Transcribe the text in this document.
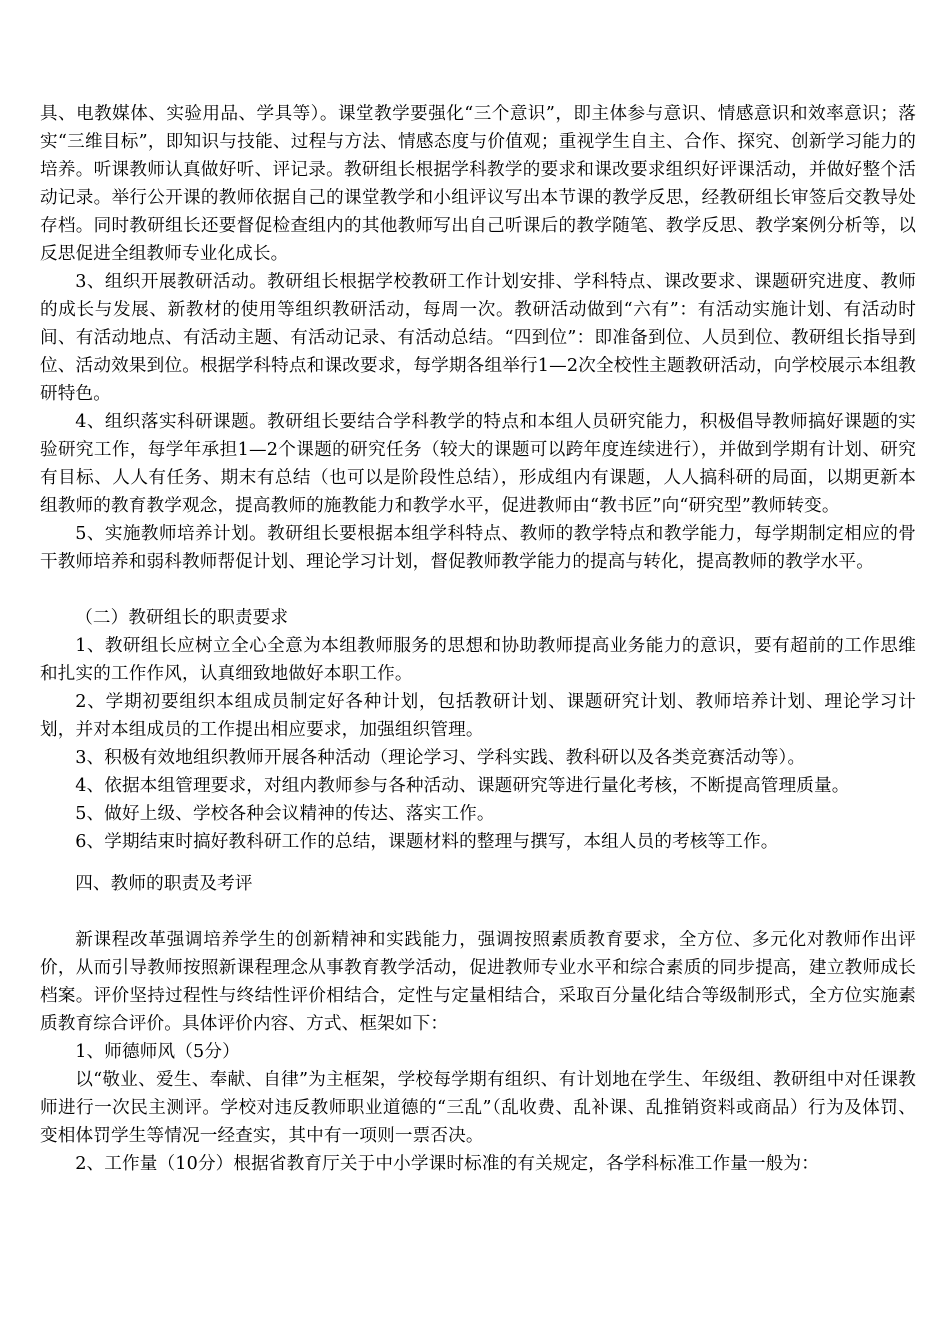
具、电教媒体、实验用品、学具等）。课堂教学要强化“三个意识”，即主体参与意识、情感意识和效率意识；落实“三维目标”，即知识与技能、过程与方法、情感态度与价值观；重视学生自主、合作、探究、创新学习能力的培养。听课教师认真做好听、评记录。教研组长根据学科教学的要求和课改要求组织好评课活动，并做好整个活动记录。举行公开课的教师依据自己的课堂教学和小组评议写出本节课的教学反思，经教研组长审签后交教导处存档。同时教研组长还要督促检查组内的其他教师写出自己听课后的教学随笔、教学反思、教学案例分析等，以反思促进全组教师专业化成长。

3、组织开展教研活动。教研组长根据学校教研工作计划安排、学科特点、课改要求、课题研究进度、教师的成长与发展、新教材的使用等组织教研活动，每周一次。教研活动做到“六有”：有活动实施计划、有活动时间、有活动地点、有活动主题、有活动记录、有活动总结。“四到位”：即准备到位、人员到位、教研组长指导到位、活动效果到位。根据学科特点和课改要求，每学期各组举行1—2次全校性主题教研活动，向学校展示本组教研特色。

4、组织落实科研课题。教研组长要结合学科教学的特点和本组人员研究能力，积极倡导教师搞好课题的实验研究工作，每学年承担1—2个课题的研究任务（较大的课题可以跨年度连续进行），并做到学期有计划、研究有目标、人人有任务、期末有总结（也可以是阶段性总结），形成组内有课题，人人搞科研的局面，以期更新本组教师的教育教学观念，提高教师的施教能力和教学水平，促进教师由“教书匠”向“研究型”教师转变。

5、实施教师培养计划。教研组长要根据本组学科特点、教师的教学特点和教学能力，每学期制定相应的骨干教师培养和弱科教师帮促计划、理论学习计划，督促教师教学能力的提高与转化，提高教师的教学水平。

（二）教研组长的职责要求

1、教研组长应树立全心全意为本组教师服务的思想和协助教师提高业务能力的意识，要有超前的工作思维和扎实的工作作风，认真细致地做好本职工作。

2、学期初要组织本组成员制定好各种计划，包括教研计划、课题研究计划、教师培养计划、理论学习计划，并对本组成员的工作提出相应要求，加强组织管理。

3、积极有效地组织教师开展各种活动（理论学习、学科实践、教科研以及各类竞赛活动等）。

4、依据本组管理要求，对组内教师参与各种活动、课题研究等进行量化考核，不断提高管理质量。

5、做好上级、学校各种会议精神的传达、落实工作。

6、学期结束时搞好教科研工作的总结，课题材料的整理与撰写，本组人员的考核等工作。

四、教师的职责及考评

新课程改革强调培养学生的创新精神和实践能力，强调按照素质教育要求，全方位、多元化对教师作出评价，从而引导教师按照新课程理念从事教育教学活动，促进教师专业水平和综合素质的同步提高，建立教师成长档案。评价坚持过程性与终结性评价相结合，定性与定量相结合，采取百分量化结合等级制形式，全方位实施素质教育综合评价。具体评价内容、方式、框架如下：

1、师德师风（5分）

以“敬业、爱生、奉献、自律”为主框架，学校每学期有组织、有计划地在学生、年级组、教研组中对任课教师进行一次民主测评。学校对违反教师职业道德的“三乱”（乱收费、乱补课、乱推销资料或商品）行为及体罚、变相体罚学生等情况一经查实，其中有一项则一票否决。

2、工作量（10分）根据省教育厅关于中小学课时标准的有关规定，各学科标准工作量一般为：
